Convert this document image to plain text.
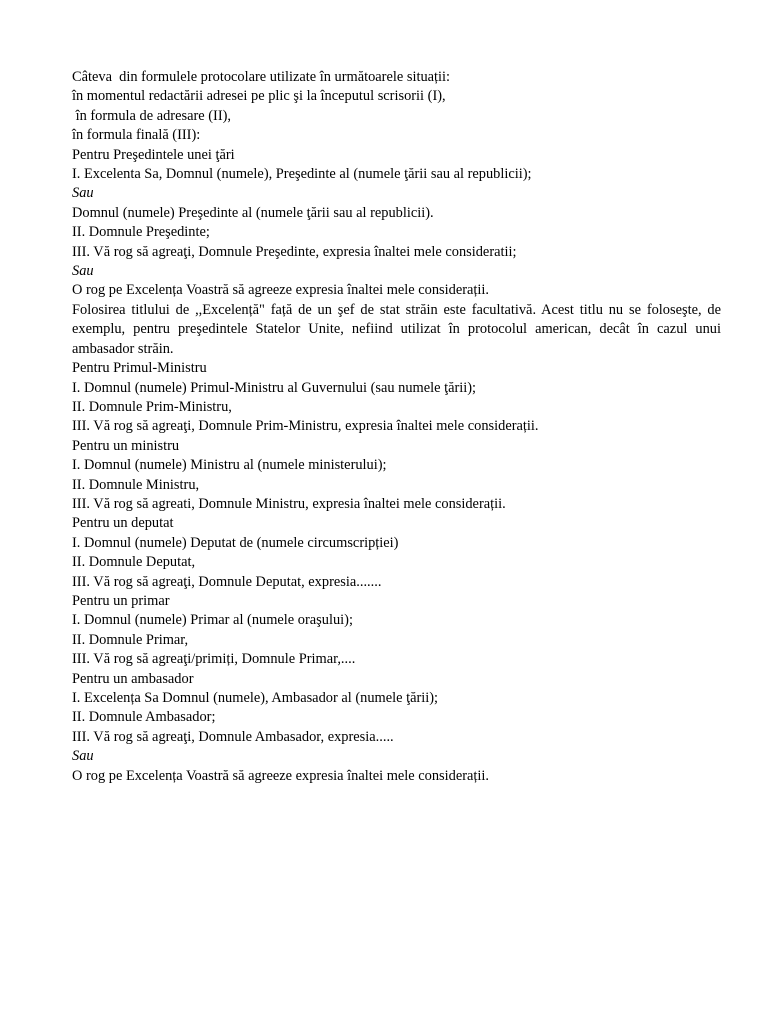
Câteva  din formulele protocolare utilizate în următoarele situații:
în momentul redactării adresei pe plic şi la începutul scrisorii (I),
în formula de adresare (II),
în formula finală (III):
Pentru Preşedintele unei ţări
I. Excelenta Sa, Domnul (numele), Preşedinte al (numele ţării sau al republicii);
Sau
Domnul (numele) Preşedinte al (numele ţării sau al republicii).
II. Domnule Preşedinte;
III. Vă rog să agreaţi, Domnule Preşedinte, expresia înaltei mele consideratii;
Sau
O rog pe Excelența Voastră să agreeze expresia înaltei mele considerații.
Folosirea titlului de ,,Excelență" față de un şef de stat străin este facultativă. Acest titlu nu se foloseşte, de exemplu, pentru preşedintele Statelor Unite, nefiind utilizat în protocolul american, decât în cazul unui ambasador străin.
Pentru Primul-Ministru
I. Domnul (numele) Primul-Ministru al Guvernului (sau numele ţării);
II. Domnule Prim-Ministru,
III. Vă rog să agreaţi, Domnule Prim-Ministru, expresia înaltei mele considerații.
Pentru un ministru
I. Domnul (numele) Ministru al (numele ministerului);
II. Domnule Ministru,
III. Vă rog să agreati, Domnule Ministru, expresia înaltei mele considerații.
Pentru un deputat
I. Domnul (numele) Deputat de (numele circumscripției)
II. Domnule Deputat,
III. Vă rog să agreaţi, Domnule Deputat, expresia.......
Pentru un primar
I. Domnul (numele) Primar al (numele oraşului);
II. Domnule Primar,
III. Vă rog să agreaţi/primiți, Domnule Primar,....
Pentru un ambasador
I. Excelența Sa Domnul (numele), Ambasador al (numele ţării);
II. Domnule Ambasador;
III. Vă rog să agreaţi, Domnule Ambasador, expresia.....
Sau
O rog pe Excelența Voastră să agreeze expresia înaltei mele considerații.
